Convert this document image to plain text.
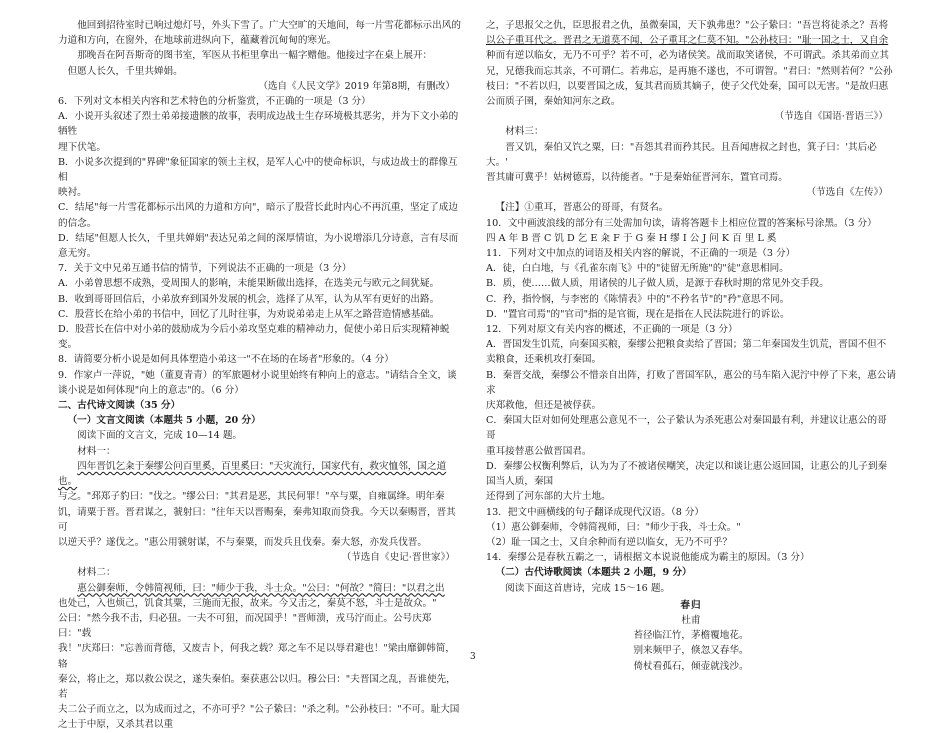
他回到招待室时已响过熄灯号，外头下雪了。广大空旷的天地间，每一片雪花都标示出风的

力道和方向，在窗外，在地球前进纵向下，蕴藏着沉甸甸的寒光。

那晚吾在阿吾斯奇的图书室，军医从书柜里拿出一幅字赠他。他接过字在桌上展开：

但愿人长久，千里共婵娟。

（选自《人民文学》2019 年第8期，有删改）

6．下列对文本相关内容和艺术特色的分析鉴赏，不正确的一项是（3 分）

A．小说开头叙述了烈士弟弟接遗骸的故事，表明成边战士生存环境极其恶劣，并为下文小弟的牺牲

埋下伏笔。

B．小说多次提到的"界碑"象征国家的领土主权，是军人心中的使命标识，与成边战士的群像互相

映衬。

C．结尾"每一片雪花都标示出风的力道和方向"，暗示了股营长此时内心不再沉重，坚定了成边

的信念。

D．结尾"但愿人长久，千里共婵娟"表达兄弟之间的深厚情谊，为小说增添几分诗意，言有尽而

意无穷。

7．关于文中兄弟互通书信的情节，下列说法不正确的一项是（3 分）

A．小弟曾思想不成熟，受周围人的影响，未能果断做出选择，在选美元与欧元之间犹疑。

B．收到哥哥回信后，小弟放弃到国外发展的机会，选择了从军，认为从军有更好的出路。

C．股营长在给小弟的书信中，回忆了儿时往事，为劝说弟弟走上从军之路营造情感基础。

D．股营长在信中对小弟的鼓励成为今后小弟攻坚克难的精神动力，促使小弟日后实现精神蜕变。

8．请简要分析小说是如何具体塑造小弟这一"不在场的在场者"形象的。（4 分）

9．作家卢一萍说，"她（董夏青青）的军旅题材小说里始终有种向上的意志。"请结合全文，谈

谈小说是如何体现"向上的意志"的。（6 分）

二、古代诗文阅读（35 分）

（一）文言文阅读（本题共 5 小题，20 分）

阅读下面的文言文，完成 10—14 题。

材料一：

四年晋饥乞籴于秦缪公问百里奚，百里奚曰："天灾流行，国家代有，救灾恤邻，国之道也。

与之。"邳郑子豹曰："伐之。"缪公曰："其君是恶，其民何罪！"卒与粟，自雍属绛。明年秦

饥，请粟于晋。晋君谋之，虢射曰："往年天以晋赐秦，秦弗知取而贷我。今天以秦赐晋，晋其可

以逆天乎？遂伐之。"惠公用虢射谋，不与秦粟，而发兵且伐秦。秦大怒，亦发兵伐晋。

（节选自《史记·晋世家》）

材料二：

惠公御秦师，令韩简视师，曰："师少于我，斗士众。"公曰："何故？"简曰："以君之出

也处己，入也烦己，饥食其粟，三施而无报，故来。今又击之，秦莫不怒，斗士是故众。"

公曰："然今我不击，归必狃。一夫不可狃，而况国乎！"晋师溃，戎马泞而止。公号庆郑曰："载

我！"庆郑曰："忘善而背德，又废吉卜，何我之载？郑之车不足以辱君避也！"梁由靡御韩简，辂

秦公，将止之，郑以救公误之，遂失秦伯。秦获惠公以归。穆公曰："夫晋国之乱，吾谁使先，若

夫二公子而立之，以为成而过之，不亦可乎？"公子絷曰："杀之利。"公孙枝曰："不可。耻大国之士于中原，又杀其君以重

之，子思报父之仇，臣思报君之仇，虽微秦国，天下孰弗患？"公子絷曰："吾岂将徒杀之？吾将

以公子重耳代之。晋君之无道莫不闻，公子重耳之仁莫不知。"公孙枝曰："耻一国之士，又自余

种而有逆以临女，无乃不可乎？若不可，必为诸侯笑。战而取笑诸侯，不可谓武。杀其弟而立其兄，兄德我而忘其亲，不可谓仁。若弗忘，是再施不遂也，不可谓智。"君曰："然则若何？"公孙枝曰："不若以归，以要晋国之成，复其君而质其嫡子，使子父代处秦，国可以无害。"是故归惠公而质子圉，秦始知河东之政。

（节选自《国语·晋语三》）

材料三：

晋又饥，秦伯又饩之粟，曰："吾怨其君而矜其民。且吾闻唐叔之封也，箕子曰：'其后必大。'

晋其庸可冀乎！姑树德焉，以待能者。"于是秦始征晋河东，置官司焉。

（节选自《左传》）

【注】①重耳，晋惠公的哥哥，有贤名。

10．文中画波浪线的部分有三处需加句读，请将答题卡上相应位置的答案标号涂黑。（3 分）

四 A 年 B 晋 C 饥 D 乞 E 籴 F 于 G 秦 H 缪 I 公 J 问 K 百 里 L 奚

11．下列对文中加点的词语及相关内容的解说，不正确的一项是（3 分）

A．徒，白白地，与《孔雀东南飞》中的"徒留无所施"的"徒"意思相同。

B．质，使……做人质，用诸侯的儿子做人质，是源于春秋时期的常见外交手段。

C．矜，指怜悯，与李密的《陈情表》中的"不矜名节"的"矜"意思不同。

D．"置官司焉"的"官司"指的是官衙，现在是指在人民法院进行的诉讼。

12．下列对原文有关内容的概述，不正确的一项是（3 分）

A．晋国发生饥荒，向秦国买粮，秦缪公把粮食卖给了晋国；第二年秦国发生饥荒，晋国不但不

卖粮食，还乘机攻打秦国。

B．秦晋交战，秦缪公不惜亲自出阵，打败了晋国军队，惠公的马车陷入泥泞中停了下来，惠公请求

庆郑救他，但还是被俘获。

C．秦国大臣对如何处理惠公意见不一，公子絷认为杀死惠公对秦国最有利，并建议让惠公的哥哥

重耳接替惠公做晋国君。

D．秦缪公权衡利弊后，认为为了不被诸侯嘲笑，决定以和谈让惠公返回国，让惠公的儿子到秦国当人质，秦国

还得到了河东部的大片土地。

13．把文中画横线的句子翻译成现代汉语。（8 分）

（1）惠公御秦师，令韩简视师，曰："师少于我，斗士众。"

（2）耻一国之士，又自余种而有逆以临女，无乃不可乎？

14．秦缪公是春秋五霸之一，请根据文本说说他能成为霸主的原因。（3 分）

（二）古代诗歌阅读（本题共 2 小题，9 分）

阅读下面这首唐诗，完成 15～16 题。

春归
杜甫
苔径临江竹，茅檐覆地花。
别来频甲子，倏忽又春华。
倚杖看孤石，倾壶就浅沙。
3
